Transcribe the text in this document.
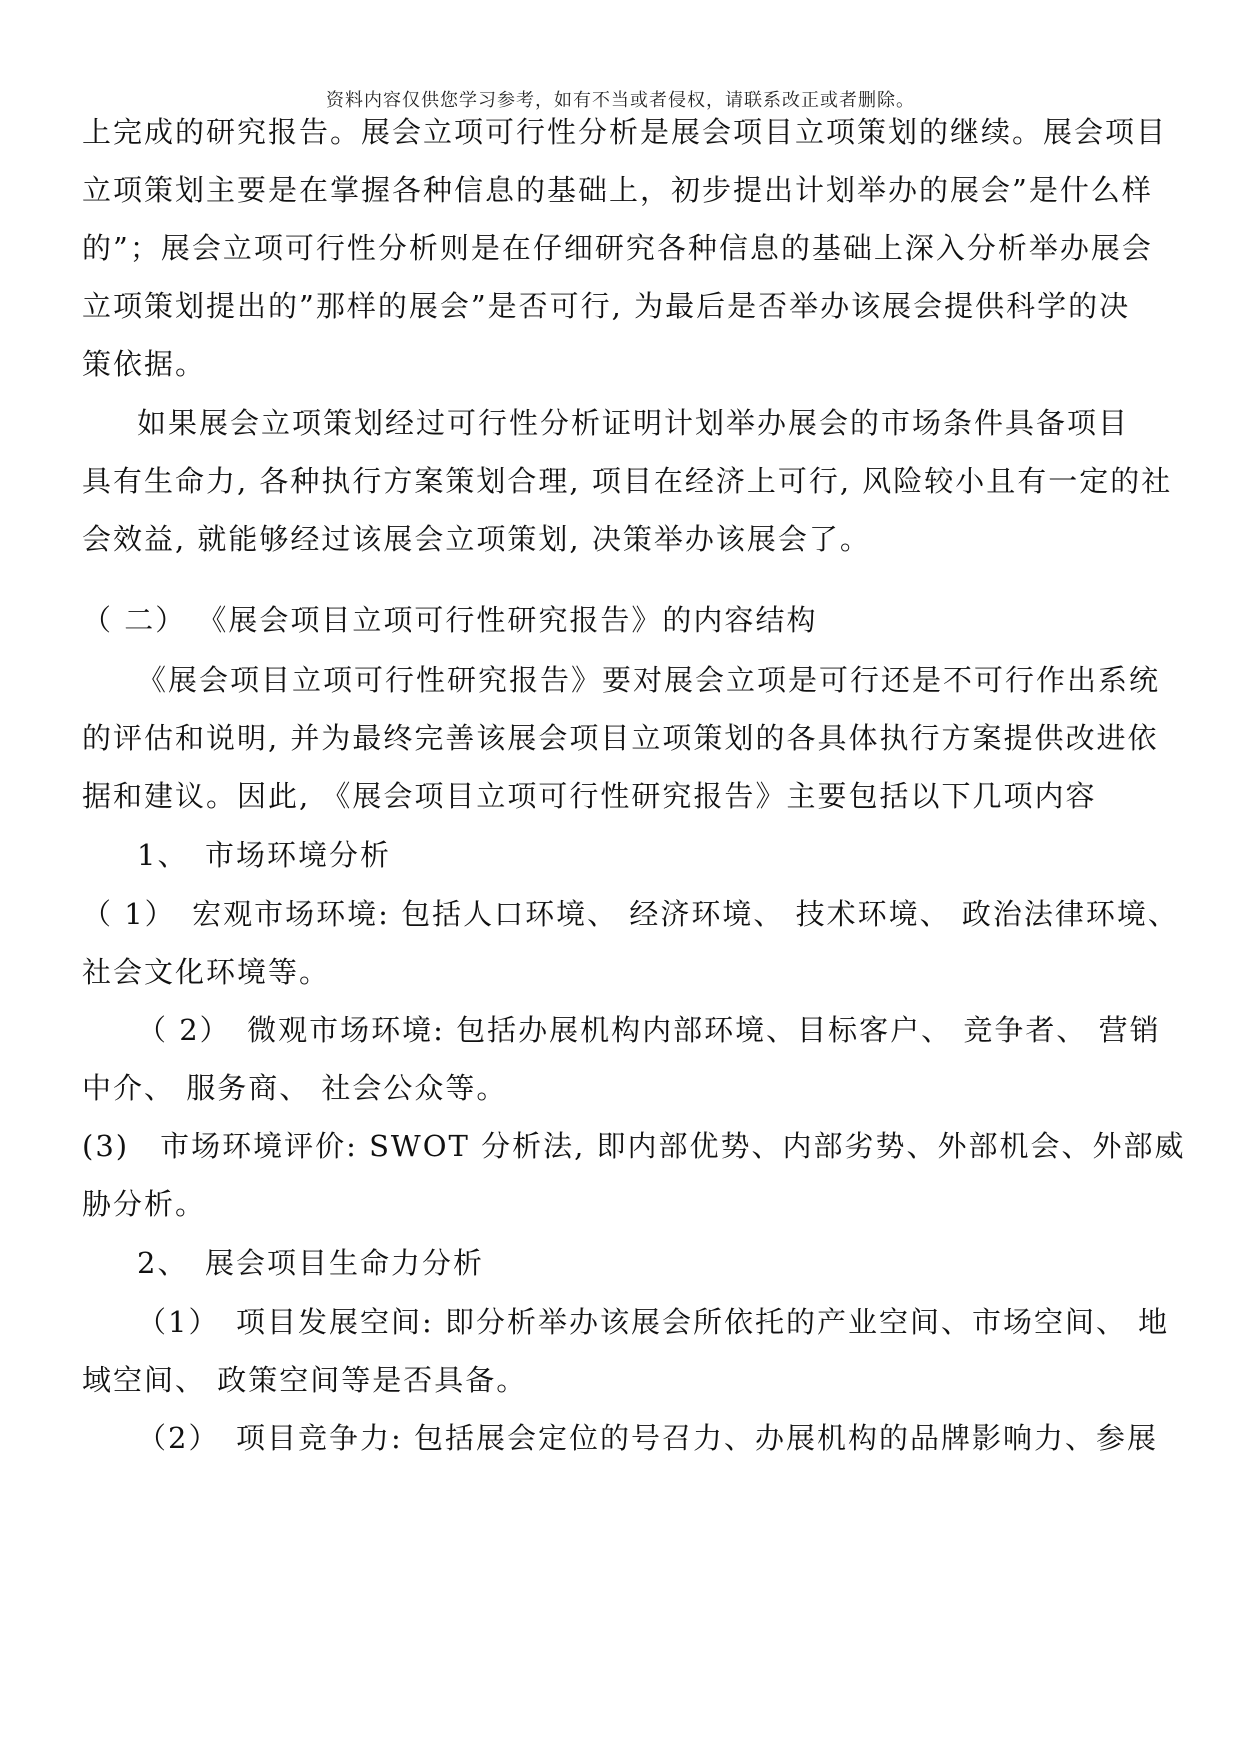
资料内容仅供您学习参考，如有不当或者侵权，请联系改正或者删除。
上完成的研究报告。展会立项可行性分析是展会项目立项策划的继续。展会项目
立项策划主要是在掌握各种信息的基础上，初步提出计划举办的展会”是什么样
的”；展会立项可行性分析则是在仔细研究各种信息的基础上深入分析举办展会
立项策划提出的”那样的展会”是否可行, 为最后是否举办该展会提供科学的决
策依据。
如果展会立项策划经过可行性分析证明计划举办展会的市场条件具备项目
具有生命力, 各种执行方案策划合理, 项目在经济上可行, 风险较小且有一定的社
会效益, 就能够经过该展会立项策划, 决策举办该展会了。
（ 二） 《展会项目立项可行性研究报告》的内容结构
《展会项目立项可行性研究报告》要对展会立项是可行还是不可行作出系统
的评估和说明, 并为最终完善该展会项目立项策划的各具体执行方案提供改进依
据和建议。因此, 《展会项目立项可行性研究报告》主要包括以下几项内容
1、　市场环境分析
（ 1）　宏观市场环境: 包括人口环境、 经济环境、 技术环境、 政治法律环境、
社会文化环境等。
（ 2）　微观市场环境: 包括办展机构内部环境、目标客户、 竞争者、 营销
中介、 服务商、 社会公众等。
(3)　市场环境评价: SWOT 分析法, 即内部优势、内部劣势、外部机会、外部威
胁分析。
2、　展会项目生命力分析
（1）　项目发展空间: 即分析举办该展会所依托的产业空间、市场空间、 地
域空间、 政策空间等是否具备。
（2）　项目竞争力: 包括展会定位的号召力、办展机构的品牌影响力、参展
